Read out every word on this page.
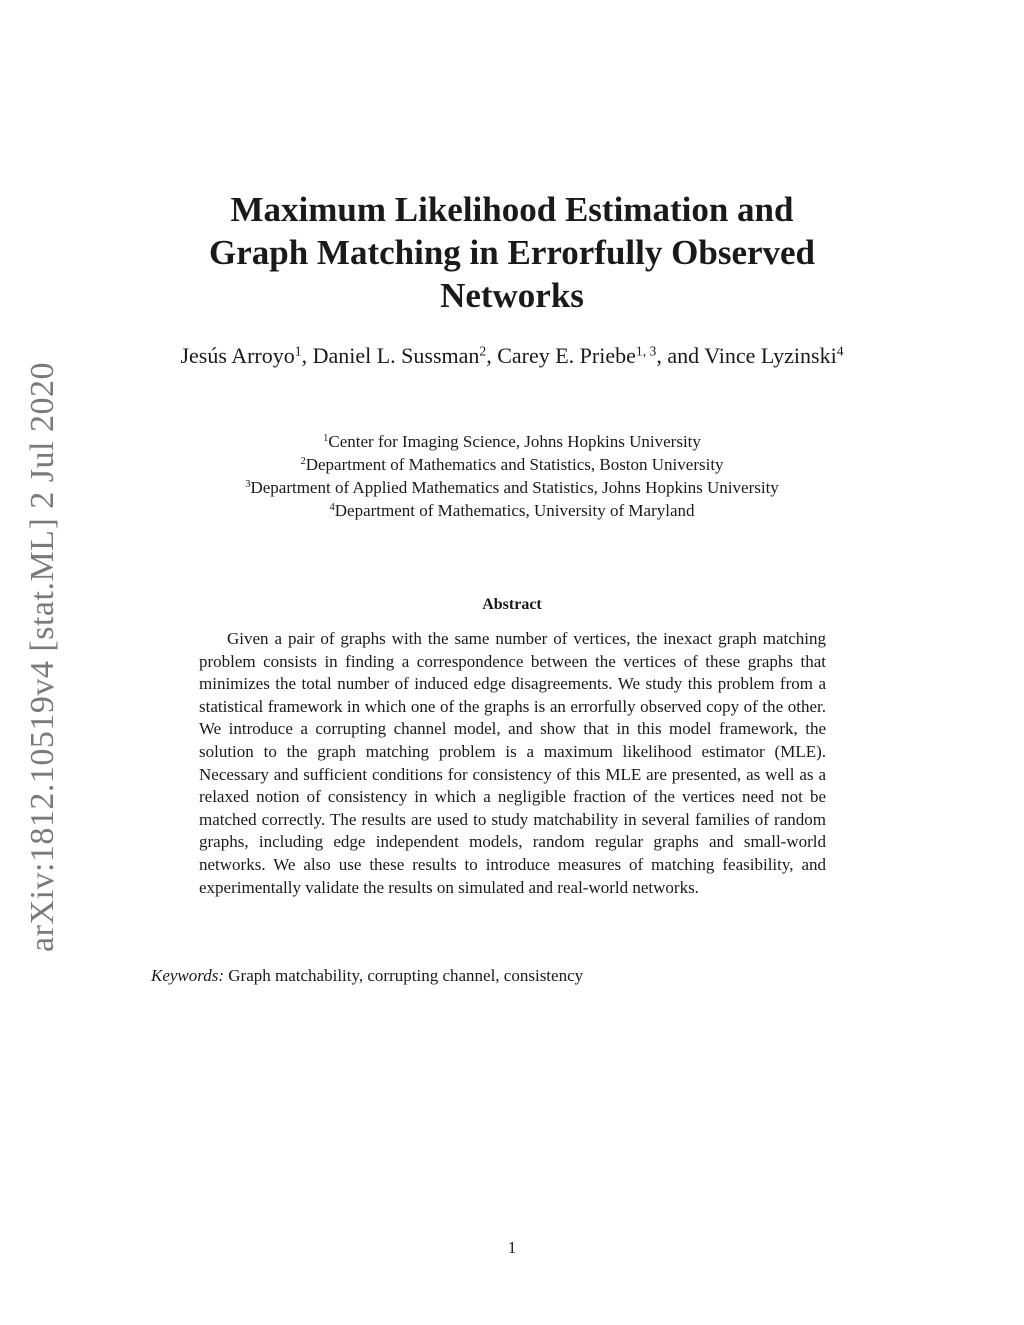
arXiv:1812.10519v4 [stat.ML] 2 Jul 2020
Maximum Likelihood Estimation and
Graph Matching in Errorfully Observed
Networks
Jesús Arroyo$^1$, Daniel L. Sussman$^2$, Carey E. Priebe$^{1, 3}$, and Vince Lyzinski$^4$
$^1$Center for Imaging Science, Johns Hopkins University
$^2$Department of Mathematics and Statistics, Boston University
$^3$Department of Applied Mathematics and Statistics, Johns Hopkins University
$^4$Department of Mathematics, University of Maryland
Abstract

Given a pair of graphs with the same number of vertices, the inexact graph matching problem consists in finding a correspondence between the vertices of these graphs that minimizes the total number of induced edge disagreements. We study this problem from a statistical framework in which one of the graphs is an errorfully observed copy of the other. We introduce a corrupting channel model, and show that in this model framework, the solution to the graph matching problem is a maximum likelihood estimator (MLE). Necessary and sufficient conditions for consistency of this MLE are presented, as well as a relaxed notion of consistency in which a negligible fraction of the vertices need not be matched correctly. The results are used to study matchability in several families of random graphs, including edge independent models, random regular graphs and small-world networks. We also use these results to introduce measures of matching feasibility, and experimentally validate the results on simulated and real-world networks.

Keywords: Graph matchability, corrupting channel, consistency
1
